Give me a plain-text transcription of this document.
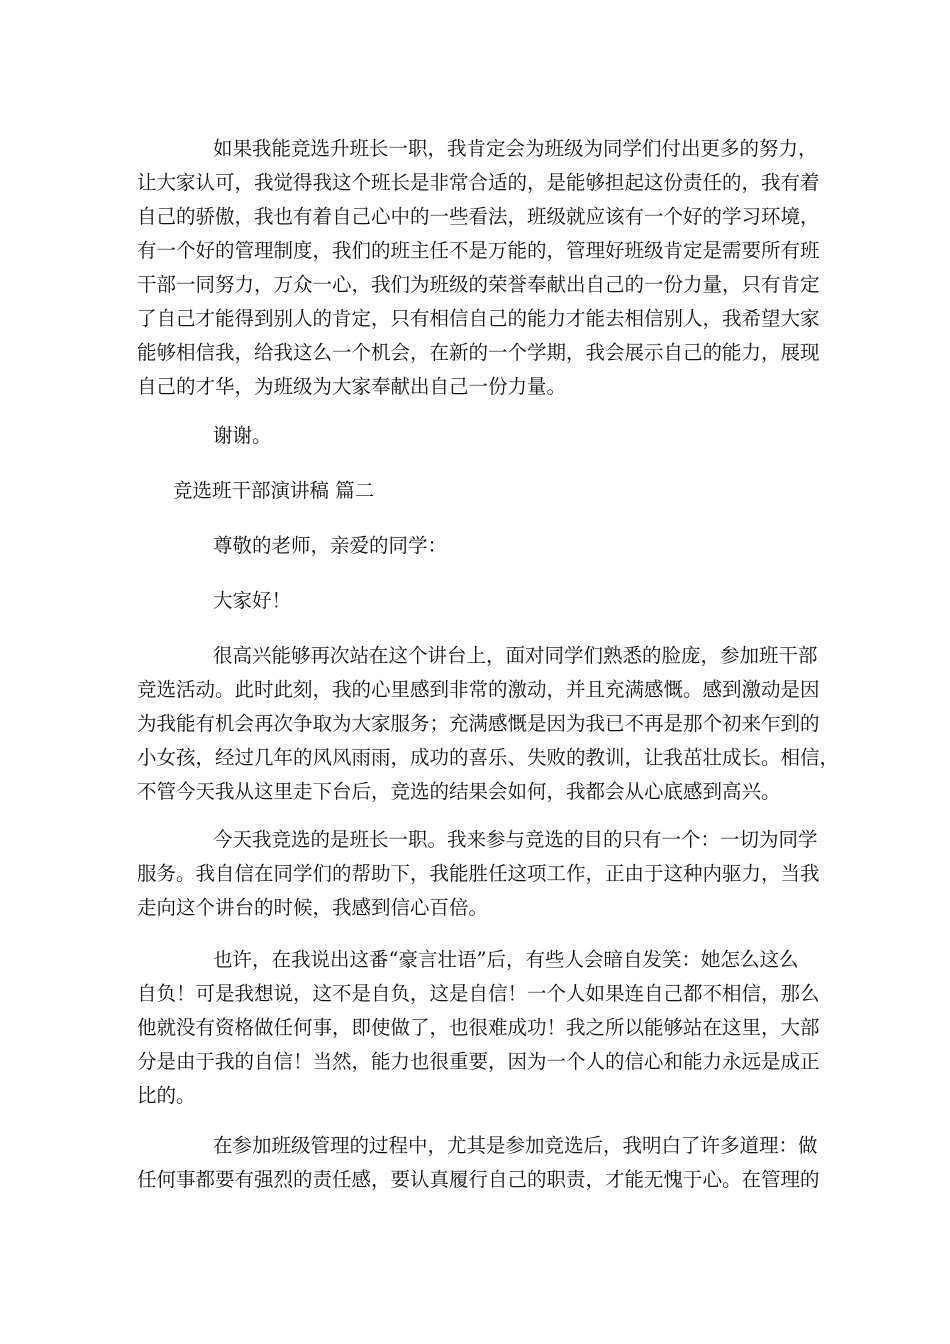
如果我能竞选升班长一职，我肯定会为班级为同学们付出更多的努力，
让大家认可，我觉得我这个班长是非常合适的，是能够担起这份责任的，我有着
自己的骄傲，我也有着自己心中的一些看法，班级就应该有一个好的学习环境，
有一个好的管理制度，我们的班主任不是万能的，管理好班级肯定是需要所有班
干部一同努力，万众一心，我们为班级的荣誉奉献出自己的一份力量，只有肯定
了自己才能得到别人的肯定，只有相信自己的能力才能去相信别人，我希望大家
能够相信我，给我这么一个机会，在新的一个学期，我会展示自己的能力，展现
自己的才华，为班级为大家奉献出自己一份力量。
谢谢。
竞选班干部演讲稿 篇二
尊敬的老师，亲爱的同学：
大家好！
很高兴能够再次站在这个讲台上，面对同学们熟悉的脸庞，参加班干部
竞选活动。此时此刻，我的心里感到非常的激动，并且充满感慨。感到激动是因
为我能有机会再次争取为大家服务；充满感慨是因为我已不再是那个初来乍到的
小女孩，经过几年的风风雨雨，成功的喜乐、失败的教训，让我茁壮成长。相信，
不管今天我从这里走下台后，竞选的结果会如何，我都会从心底感到高兴。
今天我竞选的是班长一职。我来参与竞选的目的只有一个：一切为同学
服务。我自信在同学们的帮助下，我能胜任这项工作，正由于这种内驱力，当我
走向这个讲台的时候，我感到信心百倍。
也许，在我说出这番“豪言壮语”后，有些人会暗自发笑：她怎么这么
自负！可是我想说，这不是自负，这是自信！一个人如果连自己都不相信，那么
他就没有资格做任何事，即使做了，也很难成功！我之所以能够站在这里，大部
分是由于我的自信！当然，能力也很重要，因为一个人的信心和能力永远是成正
比的。
在参加班级管理的过程中，尤其是参加竞选后，我明白了许多道理：做
任何事都要有强烈的责任感，要认真履行自己的职责，才能无愧于心。在管理的
